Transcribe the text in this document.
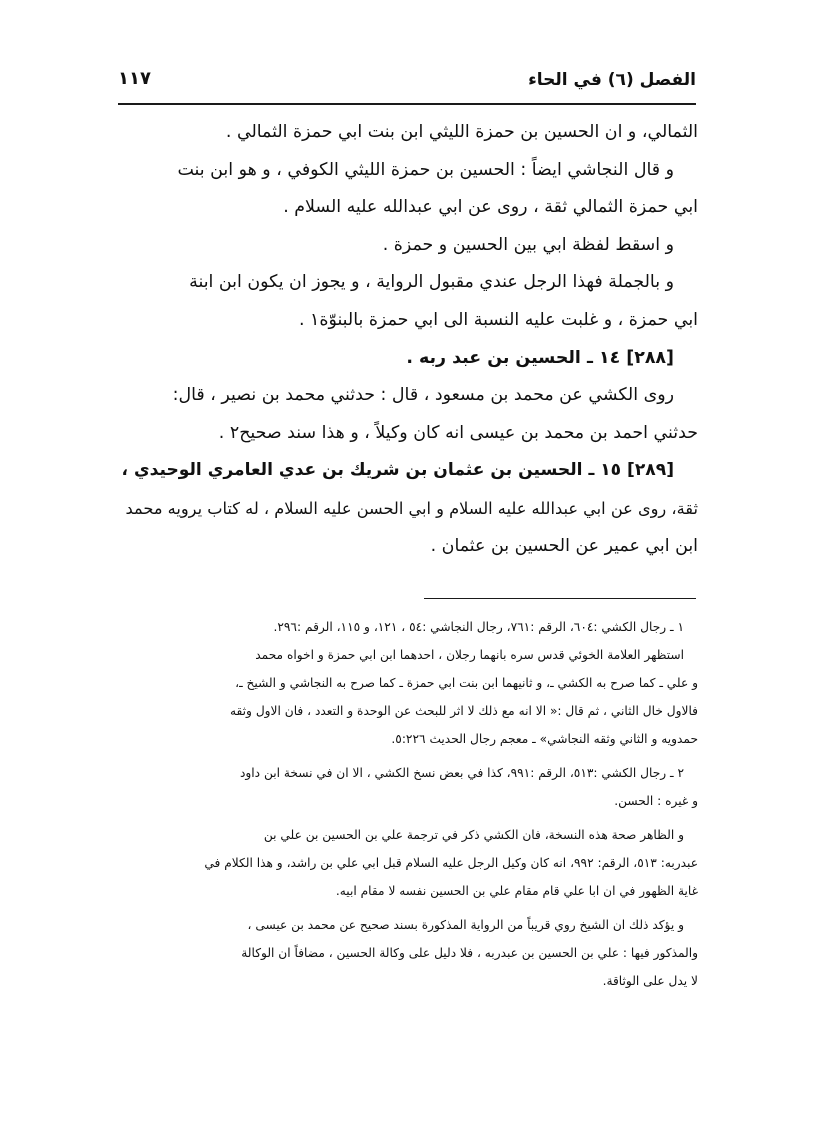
الفصل (٦) في الحاء
١١٧
الثمالي، و ان الحسين بن حمزة الليثي ابن بنت ابي حمزة الثمالي .
و قال النجاشي ايضاً : الحسين بن حمزة الليثي الكوفي ، و هو ابن بنت
ابي حمزة الثمالي ثقة ، روى عن ابي عبدالله عليه السلام .
و اسقط لفظة ابي بين الحسين و حمزة .
و بالجملة فهذا الرجل عندي مقبول الرواية ، و يجوز ان يكون ابن ابنة
ابي حمزة ، و غلبت عليه النسبة الى ابي حمزة بالبنوّة١ .
[٢٨٨] ١٤ ـ الحسين بن عبد ربه .
روى الكشي عن محمد بن مسعود ، قال : حدثني محمد بن نصير ، قال:
حدثني احمد بن محمد بن عيسى انه كان وكيلاً ، و هذا سند صحيح٢ .
[٢٨٩] ١٥ ـ الحسين بن عثمان بن شريك بن عدي العامري الوحيدي ،
ثقة، روى عن ابي عبدالله عليه السلام و ابي الحسن عليه السلام ، له كتاب يرويه محمد
ابن ابي عمير عن الحسين بن عثمان .
١ ـ رجال الكشي :٦٠٤، الرقم :٧٦١، رجال النجاشي :٥٤ ، ١٢١، و ١١٥، الرقم :٢٩٦.
استظهر العلامة الخوئي قدس سره بانهما رجلان ، احدهما ابن ابي حمزة و اخواه محمد
و علي ـ كما صرح به الكشي ـ، و ثانيهما ابن بنت ابي حمزة ـ كما صرح به النجاشي و الشيخ ـ،
فالاول خال الثاني ، ثم قال :« الا انه مع ذلك لا اثر للبحث عن الوحدة و التعدد ، فان الاول وثقه
حمدويه و الثاني وثقه النجاشي» ـ معجم رجال الحديث ٥:٢٢٦.
٢ ـ رجال الكشي :٥١٣، الرقم :٩٩١، كذا في بعض نسخ الكشي ، الا ان في نسخة ابن داود
و غيره : الحسن.
و الظاهر صحة هذه النسخة، فان الكشي ذكر في ترجمة علي بن الحسين بن علي بن
عبدربه: ٥١٣، الرقم: ٩٩٢، انه كان وكيل الرجل عليه السلام قبل ابي علي بن راشد، و هذا الكلام في
غاية الظهور في ان ابا علي قام مقام علي بن الحسين نفسه لا مقام ابيه.
و يؤكد ذلك ان الشيخ روي قريباً من الرواية المذكورة بسند صحيح عن محمد بن عيسى ،
والمذكور فيها : علي بن الحسين بن عبدربه ، فلا دليل على وكالة الحسين ، مضافاً ان الوكالة
لا يدل على الوثاقة.
